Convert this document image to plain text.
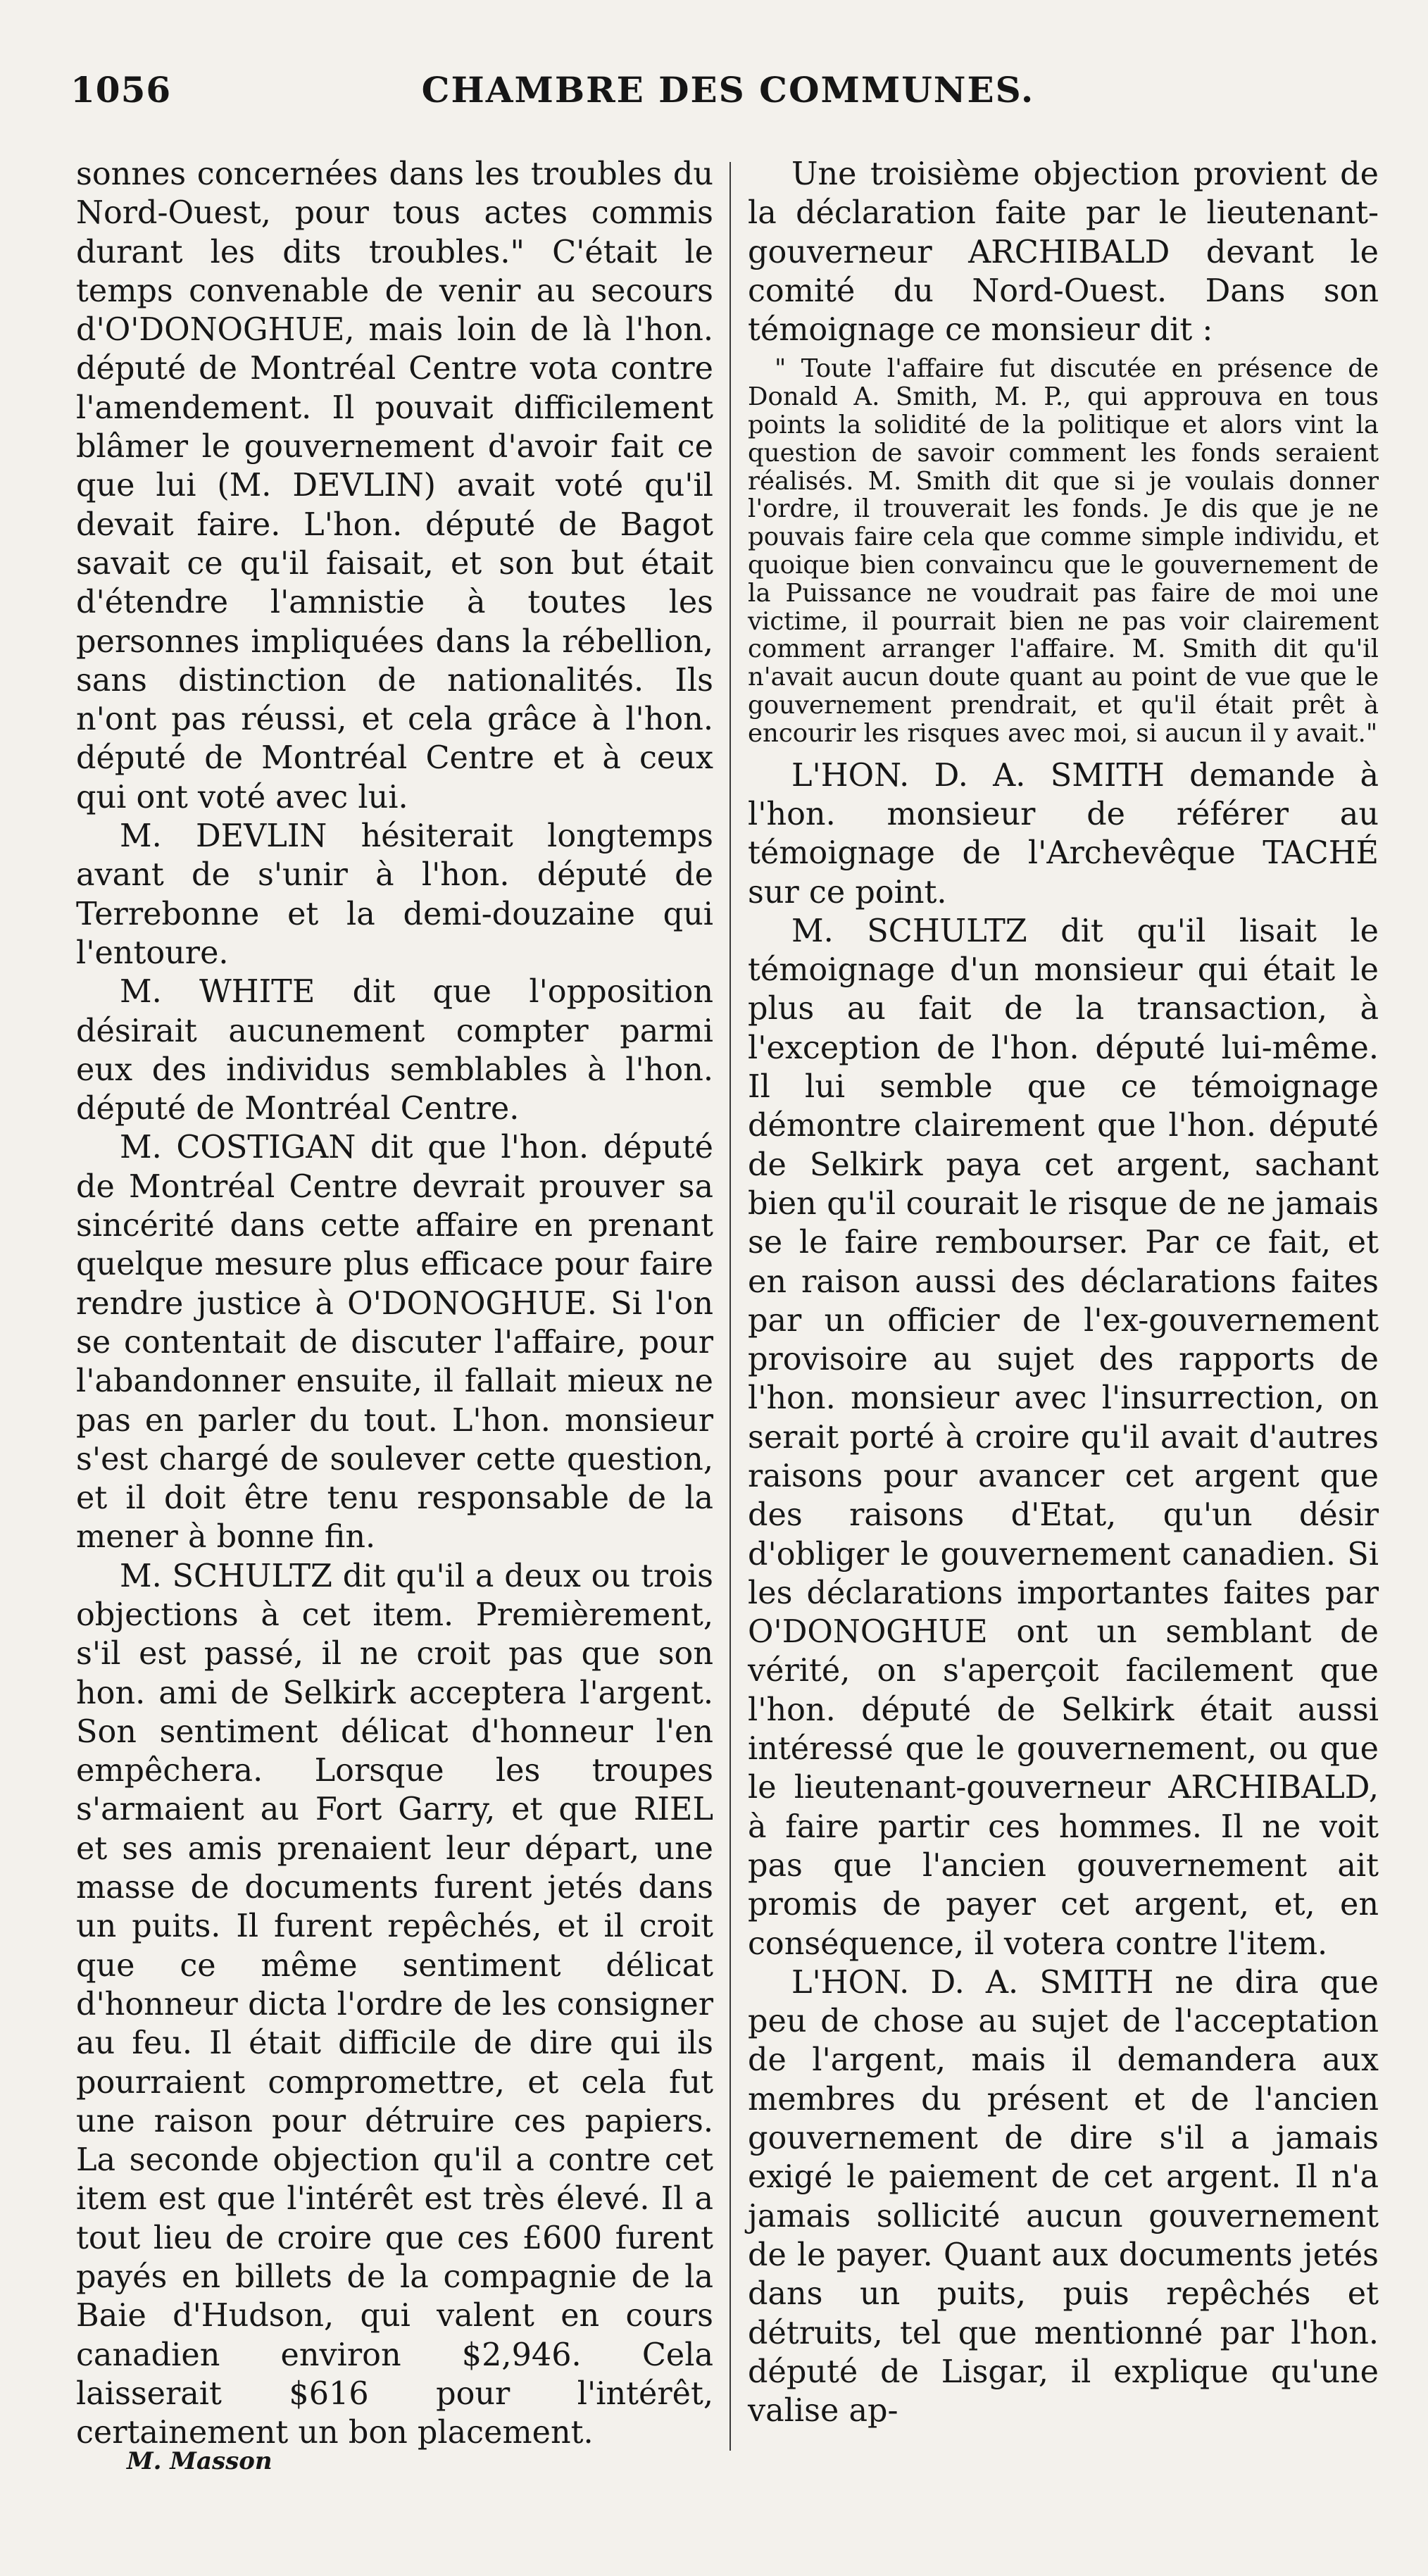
1056	CHAMBRE DES COMMUNES.

sonnes concernées dans les troubles du Nord-Ouest, pour tous actes commis durant les dits troubles." C'était le temps convenable de venir au secours d'O'DONOGHUE, mais loin de là l'hon. député de Montréal Centre vota contre l'amendement. Il pouvait difficilement blâmer le gouvernement d'avoir fait ce que lui (M. DEVLIN) avait voté qu'il devait faire. L'hon. député de Bagot savait ce qu'il faisait, et son but était d'étendre l'amnistie à toutes les personnes impliquées dans la rébellion, sans distinction de nationalités. Ils n'ont pas réussi, et cela grâce à l'hon. député de Montréal Centre et à ceux qui ont voté avec lui.

M. DEVLIN hésiterait longtemps avant de s'unir à l'hon. député de Terrebonne et la demi-douzaine qui l'entoure.

M. WHITE dit que l'opposition désirait aucunement compter parmi eux des individus semblables à l'hon. député de Montréal Centre.

M. COSTIGAN dit que l'hon. député de Montréal Centre devrait prouver sa sincérité dans cette affaire en prenant quelque mesure plus efficace pour faire rendre justice à O'DONOGHUE. Si l'on se contentait de discuter l'affaire, pour l'abandonner ensuite, il fallait mieux ne pas en parler du tout. L'hon. monsieur s'est chargé de soulever cette question, et il doit être tenu responsable de la mener à bonne fin.

M. SCHULTZ dit qu'il a deux ou trois objections à cet item. Premièrement, s'il est passé, il ne croit pas que son hon. ami de Selkirk acceptera l'argent. Son sentiment délicat d'honneur l'en empêchera. Lorsque les troupes s'armaient au Fort Garry, et que RIEL et ses amis prenaient leur départ, une masse de documents furent jetés dans un puits. Il furent repêchés, et il croit que ce même sentiment délicat d'honneur dicta l'ordre de les consigner au feu. Il était difficile de dire qui ils pourraient compromettre, et cela fut une raison pour détruire ces papiers. La seconde objection qu'il a contre cet item est que l'intérêt est très élevé. Il a tout lieu de croire que ces £600 furent payés en billets de la compagnie de la Baie d'Hudson, qui valent en cours canadien environ $2,946. Cela laisserait $616 pour l'intérêt, certainement un bon placement.

Une troisième objection provient de la déclaration faite par le lieutenant-gouverneur ARCHIBALD devant le comité du Nord-Ouest. Dans son témoignage ce monsieur dit :

" Toute l'affaire fut discutée en présence de Donald A. Smith, M. P., qui approuva en tous points la solidité de la politique et alors vint la question de savoir comment les fonds seraient réalisés. M. Smith dit que si je voulais donner l'ordre, il trouverait les fonds. Je dis que je ne pouvais faire cela que comme simple individu, et quoique bien convaincu que le gouvernement de la Puissance ne voudrait pas faire de moi une victime, il pourrait bien ne pas voir clairement comment arranger l'affaire. M. Smith dit qu'il n'avait aucun doute quant au point de vue que le gouvernement prendrait, et qu'il était prêt à encourir les risques avec moi, si aucun il y avait."

L'HON. D. A. SMITH demande à l'hon. monsieur de référer au témoignage de l'Archevêque TACHÉ sur ce point.

M. SCHULTZ dit qu'il lisait le témoignage d'un monsieur qui était le plus au fait de la transaction, à l'exception de l'hon. député lui-même. Il lui semble que ce témoignage démontre clairement que l'hon. député de Selkirk paya cet argent, sachant bien qu'il courait le risque de ne jamais se le faire rembourser. Par ce fait, et en raison aussi des déclarations faites par un officier de l'ex-gouvernement provisoire au sujet des rapports de l'hon. monsieur avec l'insurrection, on serait porté à croire qu'il avait d'autres raisons pour avancer cet argent que des raisons d'Etat, qu'un désir d'obliger le gouvernement canadien. Si les déclarations importantes faites par O'DONOGHUE ont un semblant de vérité, on s'aperçoit facilement que l'hon. député de Selkirk était aussi intéressé que le gouvernement, ou que le lieutenant-gouverneur ARCHIBALD, à faire partir ces hommes. Il ne voit pas que l'ancien gouvernement ait promis de payer cet argent, et, en conséquence, il votera contre l'item.

L'HON. D. A. SMITH ne dira que peu de chose au sujet de l'acceptation de l'argent, mais il demandera aux membres du présent et de l'ancien gouvernement de dire s'il a jamais exigé le paiement de cet argent. Il n'a jamais sollicité aucun gouvernement de le payer. Quant aux documents jetés dans un puits, puis repêchés et détruits, tel que mentionné par l'hon. député de Lisgar, il explique qu'une valise ap-

M. Masson
